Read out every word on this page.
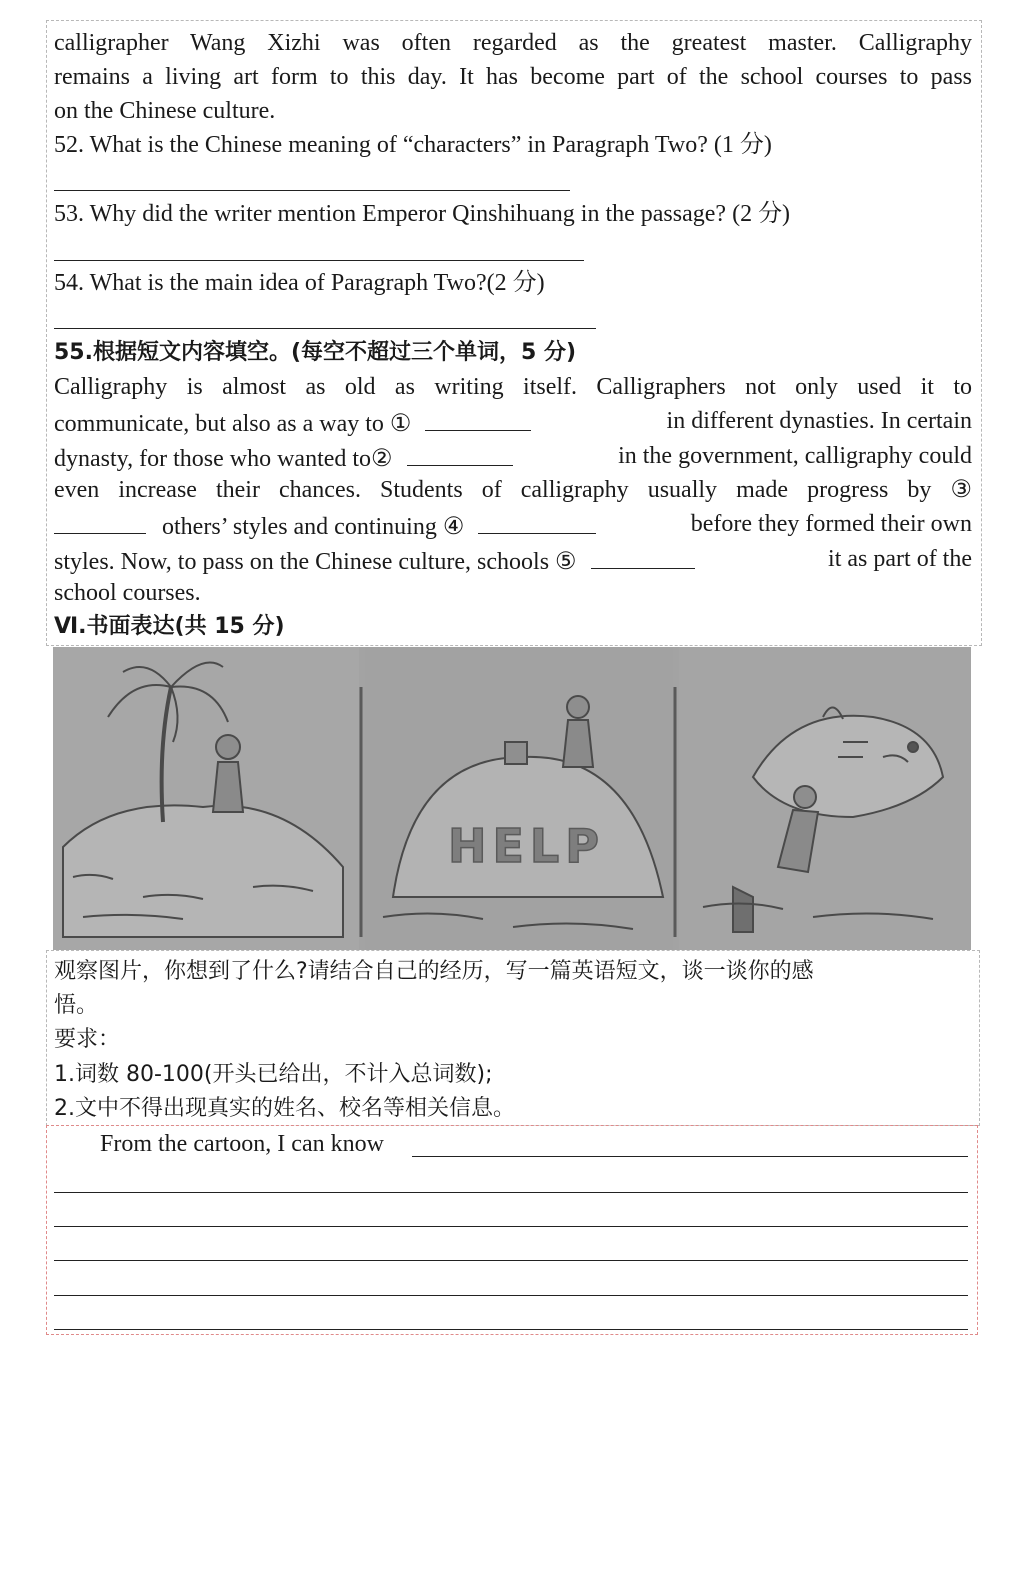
calligrapher Wang Xizhi was often regarded as the greatest master. Calligraphy
remains a living art form to this day. It has become part of the school courses to pass
on the Chinese culture.
52. What is the Chinese meaning of “characters” in Paragraph Two? (1 分)
53. Why did the writer mention Emperor Qinshihuang in the passage? (2 分)
54. What is the main idea of Paragraph Two?(2 分)
55.根据短文内容填空。(每空不超过三个单词，5 分)
Calligraphy is almost as old as writing itself. Calligraphers not only used it to
communicate, but also as a way to ①	in different dynasties. In certain
dynasty, for those who wanted to②	in the government, calligraphy could
even increase their chances. Students of calligraphy usually made progress by ③
others’ styles and continuing ④	before they formed their own
styles. Now, to pass on the Chinese culture, schools ⑤	it as part of the
school courses.
Ⅵ.书面表达(共 15 分)
HELP
观察图片，你想到了什么?请结合自己的经历，写一篇英语短文，谈一谈你的感
悟。
要求：
1.词数 80-100(开头已给出，不计入总词数);
2.文中不得出现真实的姓名、校名等相关信息。
From the cartoon, I can know
